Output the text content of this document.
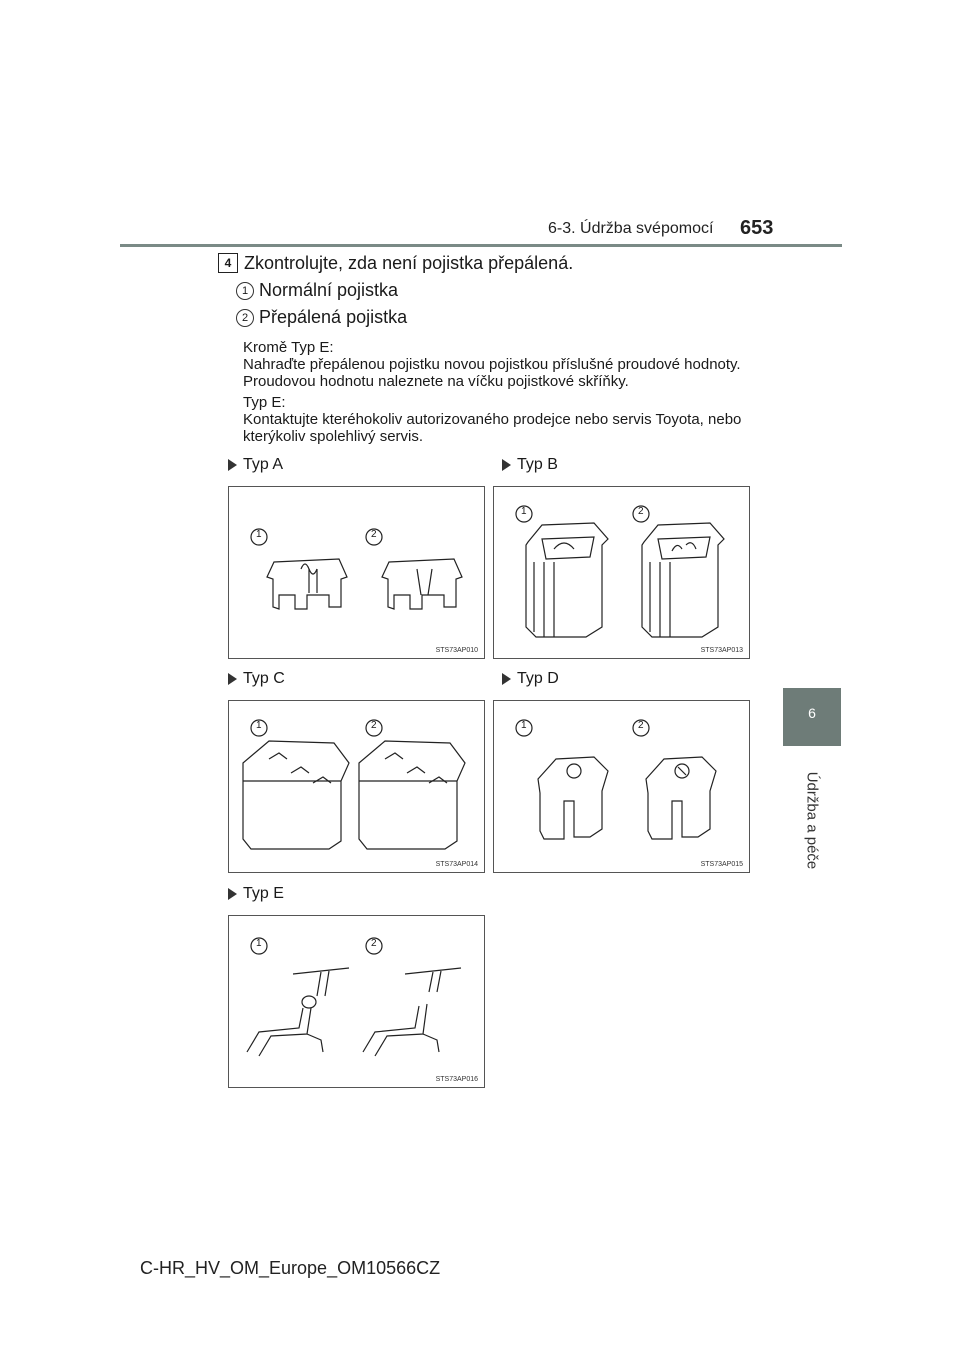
6-3. Údržba svépomocí 653
6
Údržba a péče
4 Zkontrolujte, zda není pojistka přepálená.
1 Normální pojistka
2 Přepálená pojistka
Kromě Typ E:
Nahraďte přepálenou pojistku novou pojistkou příslušné proudové hodnoty.
Proudovou hodnotu naleznete na víčku pojistkové skříňky.
Typ E:
Kontaktujte kteréhokoliv autorizovaného prodejce nebo servis Toyota, nebo
kterýkoliv spolehlivý servis.
Typ A	Typ B
Typ C	Typ D
Typ E
1	2
STS73AP010
1	2
STS73AP013
1	2
STS73AP014
1	2
STS73AP015
1	2
STS73AP016
C-HR_HV_OM_Europe_OM10566CZ
